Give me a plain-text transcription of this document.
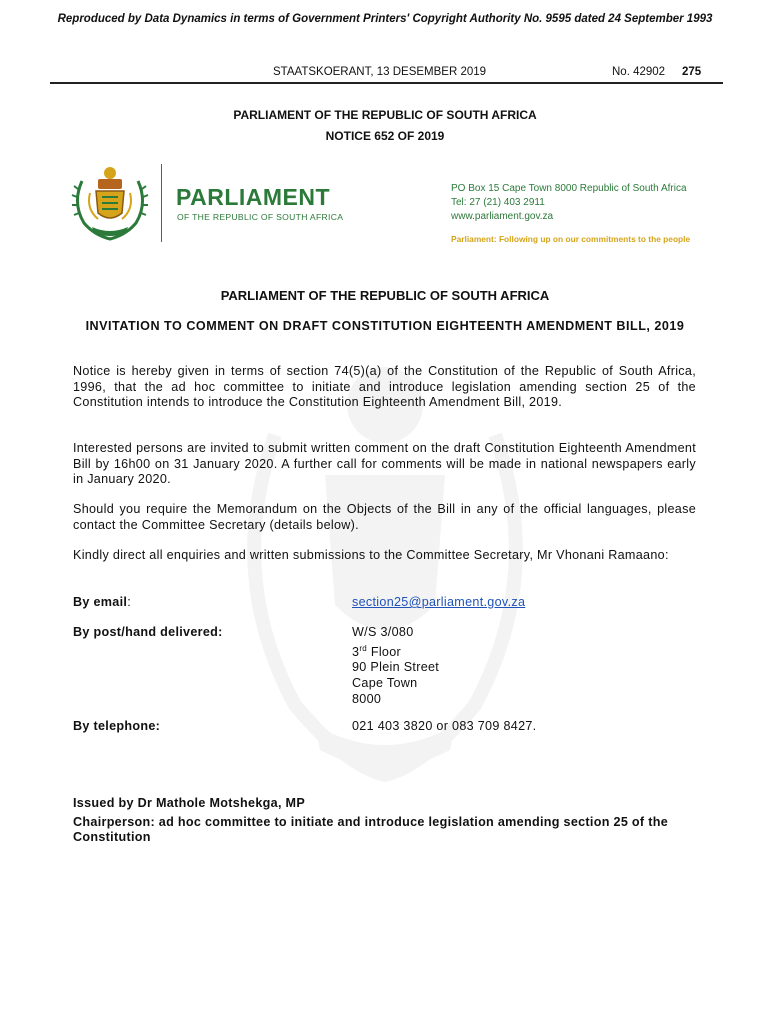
Reproduced by Data Dynamics in terms of Government Printers' Copyright Authority No. 9595 dated 24 September 1993
STAATSKOERANT, 13 DESEMBER 2019	No. 42902 275
PARLIAMENT OF THE REPUBLIC OF SOUTH AFRICA
NOTICE 652 OF 2019
PARLIAMENT
OF THE REPUBLIC OF SOUTH AFRICA
PO Box 15 Cape Town 8000 Republic of South Africa
Tel: 27 (21) 403 2911
www.parliament.gov.za
Parliament: Following up on our commitments to the people
PARLIAMENT OF THE REPUBLIC OF SOUTH AFRICA
INVITATION TO COMMENT ON DRAFT CONSTITUTION EIGHTEENTH AMENDMENT BILL, 2019
Notice is hereby given in terms of section 74(5)(a) of the Constitution of the Republic of South Africa, 1996, that the ad hoc committee to initiate and introduce legislation amending section 25 of the Constitution intends to introduce the Constitution Eighteenth Amendment Bill, 2019.
Interested persons are invited to submit written comment on the draft Constitution Eighteenth Amendment Bill by 16h00 on 31 January 2020. A further call for comments will be made in national newspapers early in January 2020.
Should you require the Memorandum on the Objects of the Bill in any of the official languages, please contact the Committee Secretary (details below).
Kindly direct all enquiries and written submissions to the Committee Secretary, Mr Vhonani Ramaano:
By email:	section25@parliament.gov.za
By post/hand delivered:	W/S 3/080
3rd Floor
90 Plein Street
Cape Town
8000
By telephone:	021 403 3820 or 083 709 8427.
Issued by Dr Mathole Motshekga, MP
Chairperson: ad hoc committee to initiate and introduce legislation amending section 25 of the Constitution
